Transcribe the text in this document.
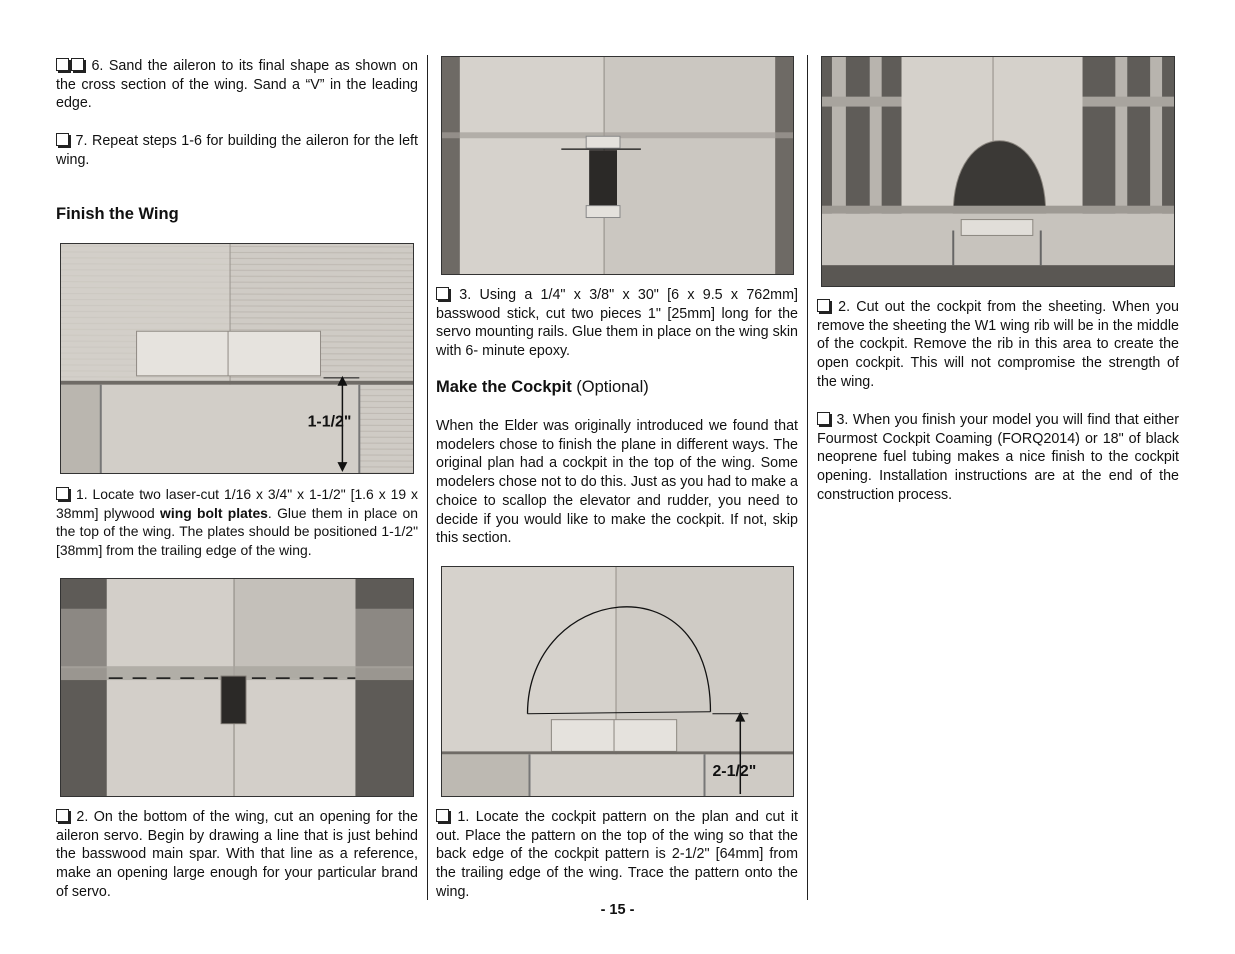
6. Sand the aileron to its final shape as shown on the cross section of the wing. Sand a “V” in the leading edge.

7. Repeat steps 1-6 for building the aileron for the left wing.

Finish the Wing
1-1/2"

1. Locate two laser-cut 1/16 x 3/4" x 1-1/2" [1.6 x 19 x 38mm] plywood wing bolt plates. Glue them in place on the top of the wing. The plates should be positioned 1-1/2" [38mm] from the trailing edge of the wing.

2. On the bottom of the wing, cut an opening for the aileron servo. Begin by drawing a line that is just behind the basswood main spar. With that line as a reference, make an opening large enough for your particular brand of servo.

3. Using a 1/4" x 3/8" x 30" [6 x 9.5 x 762mm] basswood stick, cut two pieces 1" [25mm] long for the servo mounting rails. Glue them in place on the wing skin with 6- minute epoxy.

Make the Cockpit (Optional)

When the Elder was originally introduced we found that modelers chose to finish the plane in different ways. The original plan had a cockpit in the top of the wing. Some modelers chose not to do this. Just as you had to make a choice to scallop the elevator and rudder, you need to decide if you would like to make the cockpit. If not, skip this section.

2-1/2"

1. Locate the cockpit pattern on the plan and cut it out. Place the pattern on the top of the wing so that the back edge of the cockpit pattern is 2-1/2" [64mm] from the trailing edge of the wing. Trace the pattern onto the wing.

2. Cut out the cockpit from the sheeting. When you remove the sheeting the W1 wing rib will be in the middle of the cockpit. Remove the rib in this area to create the open cockpit. This will not compromise the strength of the wing.

3. When you finish your model you will find that either Fourmost Cockpit Coaming (FORQ2014) or 18" of black neoprene fuel tubing makes a nice finish to the cockpit opening. Installation instructions are at the end of the construction process.

- 15 -
